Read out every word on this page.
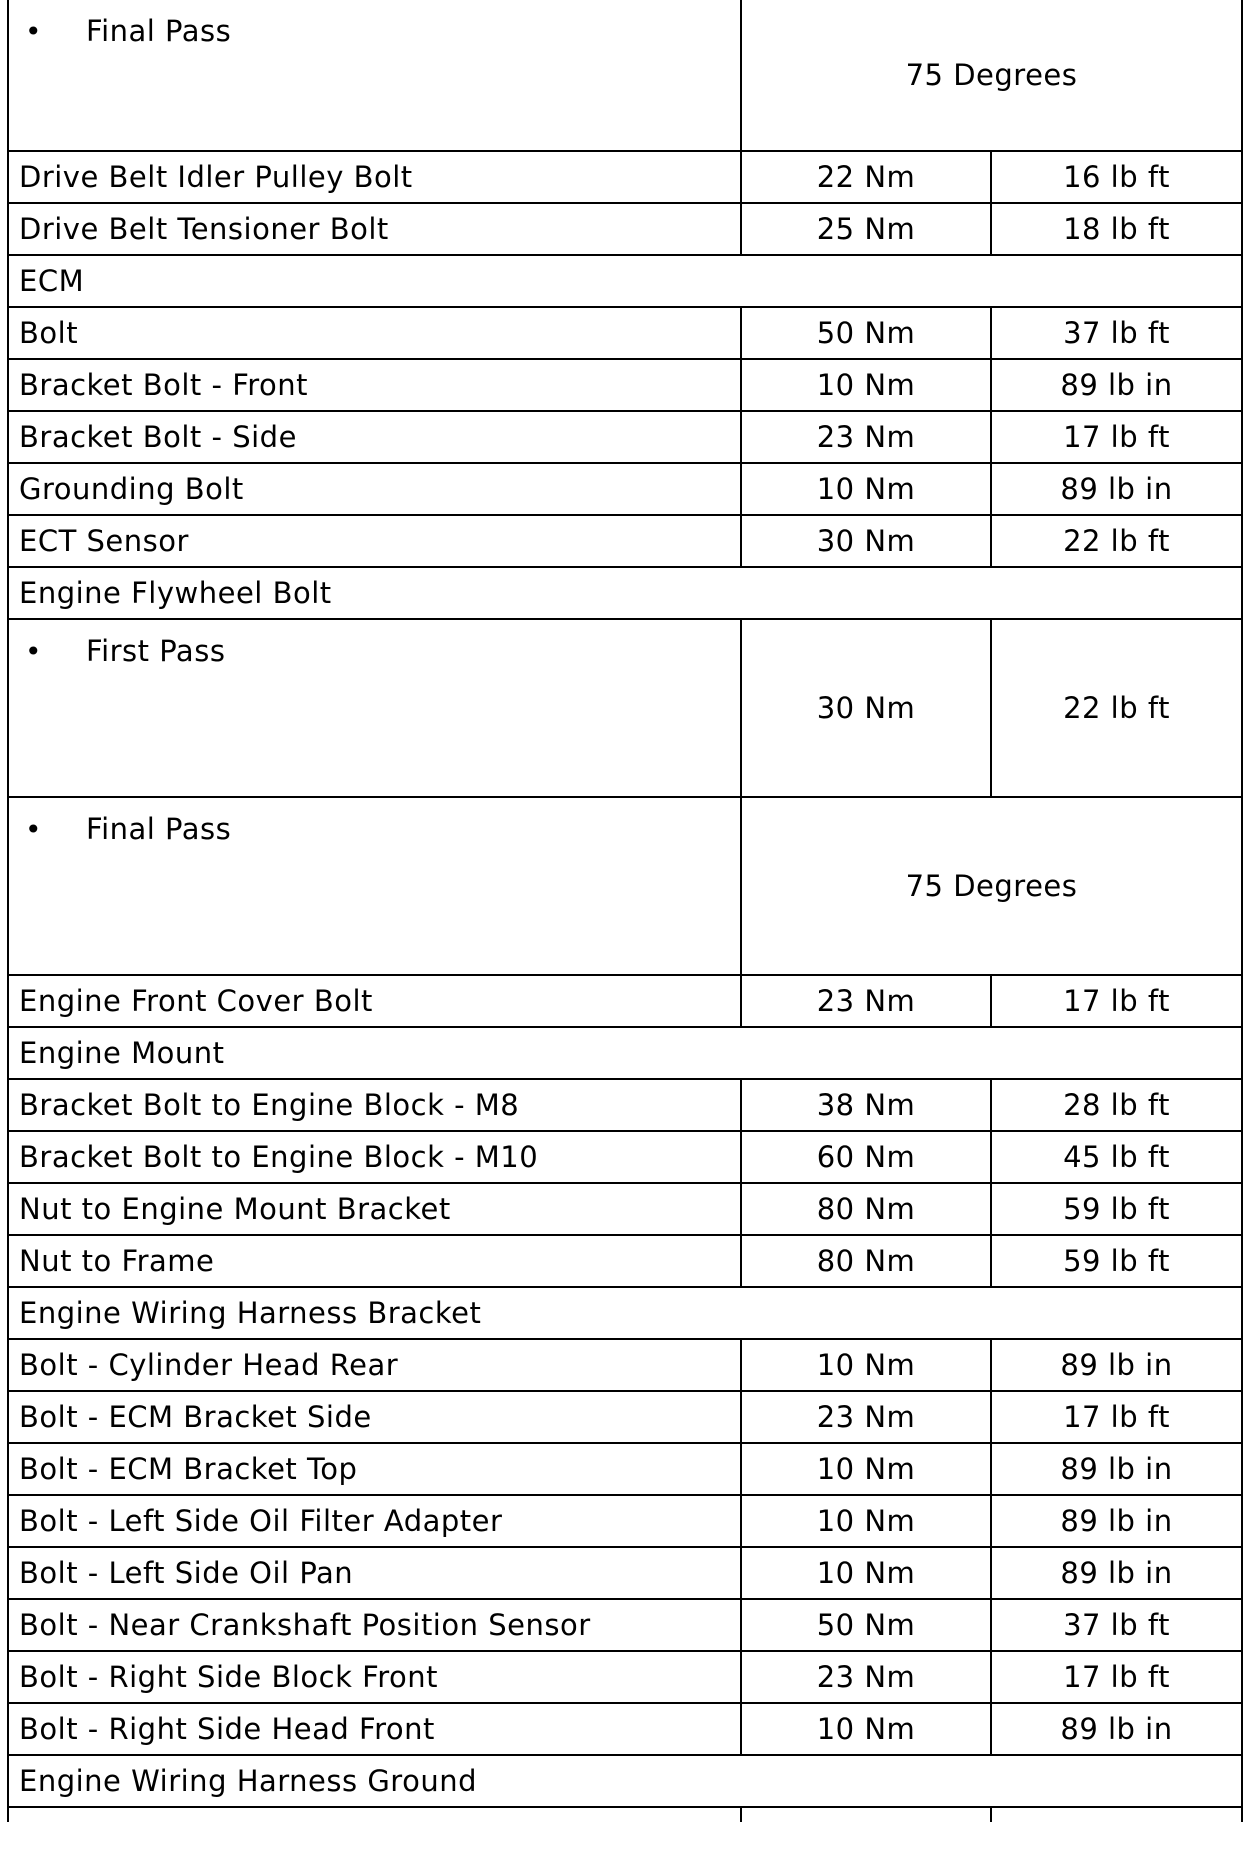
• Final Pass	75 Degrees	
Drive Belt Idler Pulley Bolt	22 Nm	16 lb ft
Drive Belt Tensioner Bolt	25 Nm	18 lb ft
ECM		
Bolt	50 Nm	37 lb ft
Bracket Bolt - Front	10 Nm	89 lb in
Bracket Bolt - Side	23 Nm	17 lb ft
Grounding Bolt	10 Nm	89 lb in
ECT Sensor	30 Nm	22 lb ft
Engine Flywheel Bolt		
• First Pass	30 Nm	22 lb ft
• Final Pass	75 Degrees	
Engine Front Cover Bolt	23 Nm	17 lb ft
Engine Mount		
Bracket Bolt to Engine Block - M8	38 Nm	28 lb ft
Bracket Bolt to Engine Block - M10	60 Nm	45 lb ft
Nut to Engine Mount Bracket	80 Nm	59 lb ft
Nut to Frame	80 Nm	59 lb ft
Engine Wiring Harness Bracket		
Bolt - Cylinder Head Rear	10 Nm	89 lb in
Bolt - ECM Bracket Side	23 Nm	17 lb ft
Bolt - ECM Bracket Top	10 Nm	89 lb in
Bolt - Left Side Oil Filter Adapter	10 Nm	89 lb in
Bolt - Left Side Oil Pan	10 Nm	89 lb in
Bolt - Near Crankshaft Position Sensor	50 Nm	37 lb ft
Bolt - Right Side Block Front	23 Nm	17 lb ft
Bolt - Right Side Head Front	10 Nm	89 lb in
Engine Wiring Harness Ground		
